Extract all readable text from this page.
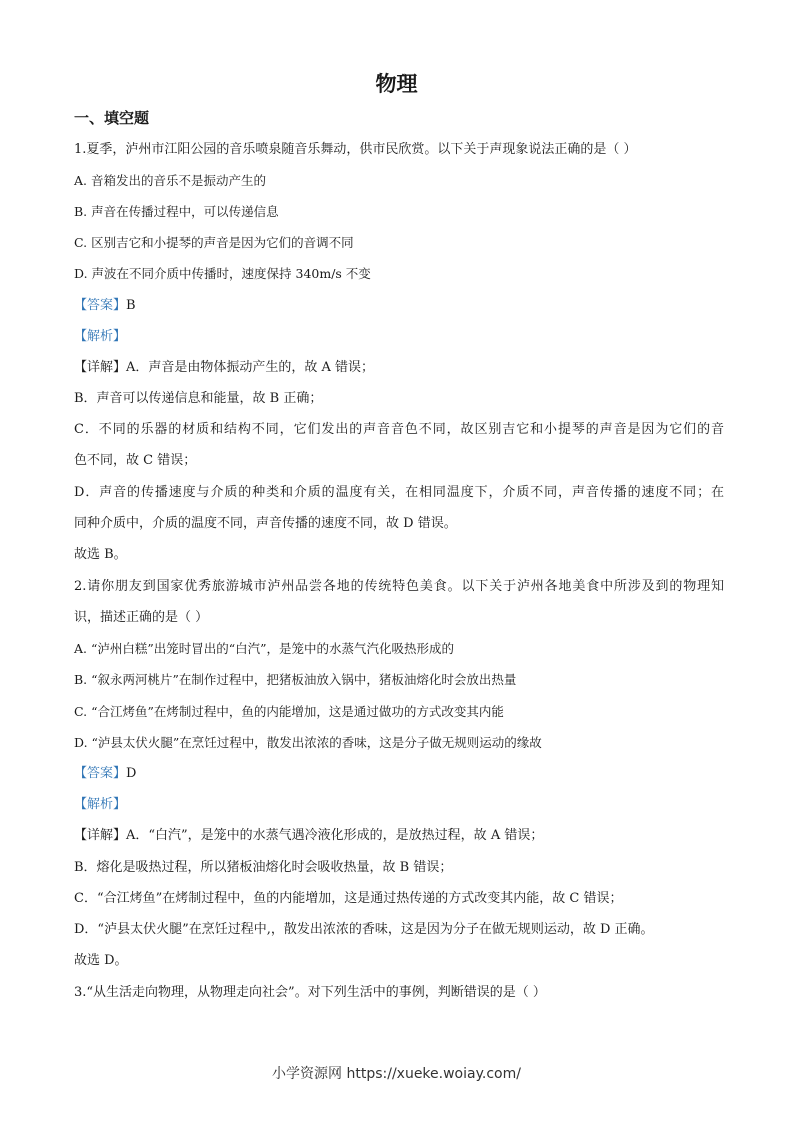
物理
一、填空题
1.夏季，泸州市江阳公园的音乐喷泉随音乐舞动，供市民欣赏。以下关于声现象说法正确的是（ ）
A. 音箱发出的音乐不是振动产生的
B. 声音在传播过程中，可以传递信息
C. 区别吉它和小提琴的声音是因为它们的音调不同
D. 声波在不同介质中传播时，速度保持 340m/s 不变
【答案】B
【解析】
【详解】A．声音是由物体振动产生的，故 A 错误；
B．声音可以传递信息和能量，故 B 正确；
C．不同的乐器的材质和结构不同，它们发出的声音音色不同，故区别吉它和小提琴的声音是因为它们的音
色不同，故 C 错误；
D．声音的传播速度与介质的种类和介质的温度有关，在相同温度下，介质不同，声音传播的速度不同；在
同种介质中，介质的温度不同，声音传播的速度不同，故 D 错误。
故选 B。
2.请你朋友到国家优秀旅游城市泸州品尝各地的传统特色美食。以下关于泸州各地美食中所涉及到的物理知
识，描述正确的是（ ）
A. “泸州白糕”出笼时冒出的“白汽”，是笼中的水蒸气汽化吸热形成的
B. “叙永两河桃片”在制作过程中，把猪板油放入锅中，猪板油熔化时会放出热量
C. “合江烤鱼”在烤制过程中，鱼的内能增加，这是通过做功的方式改变其内能
D. “泸县太伏火腿”在烹饪过程中，散发出浓浓的香味，这是分子做无规则运动的缘故
【答案】D
【解析】
【详解】A．“白汽”，是笼中的水蒸气遇冷液化形成的，是放热过程，故 A 错误；
B．熔化是吸热过程，所以猪板油熔化时会吸收热量，故 B 错误；
C．“合江烤鱼”在烤制过程中，鱼的内能增加，这是通过热传递的方式改变其内能，故 C 错误；
D．“泸县太伏火腿”在烹饪过程中,，散发出浓浓的香味，这是因为分子在做无规则运动，故 D 正确。
故选 D。
3.“从生活走向物理，从物理走向社会”。对下列生活中的事例，判断错误的是（ ）
小学资源网 https://xueke.woiay.com/
